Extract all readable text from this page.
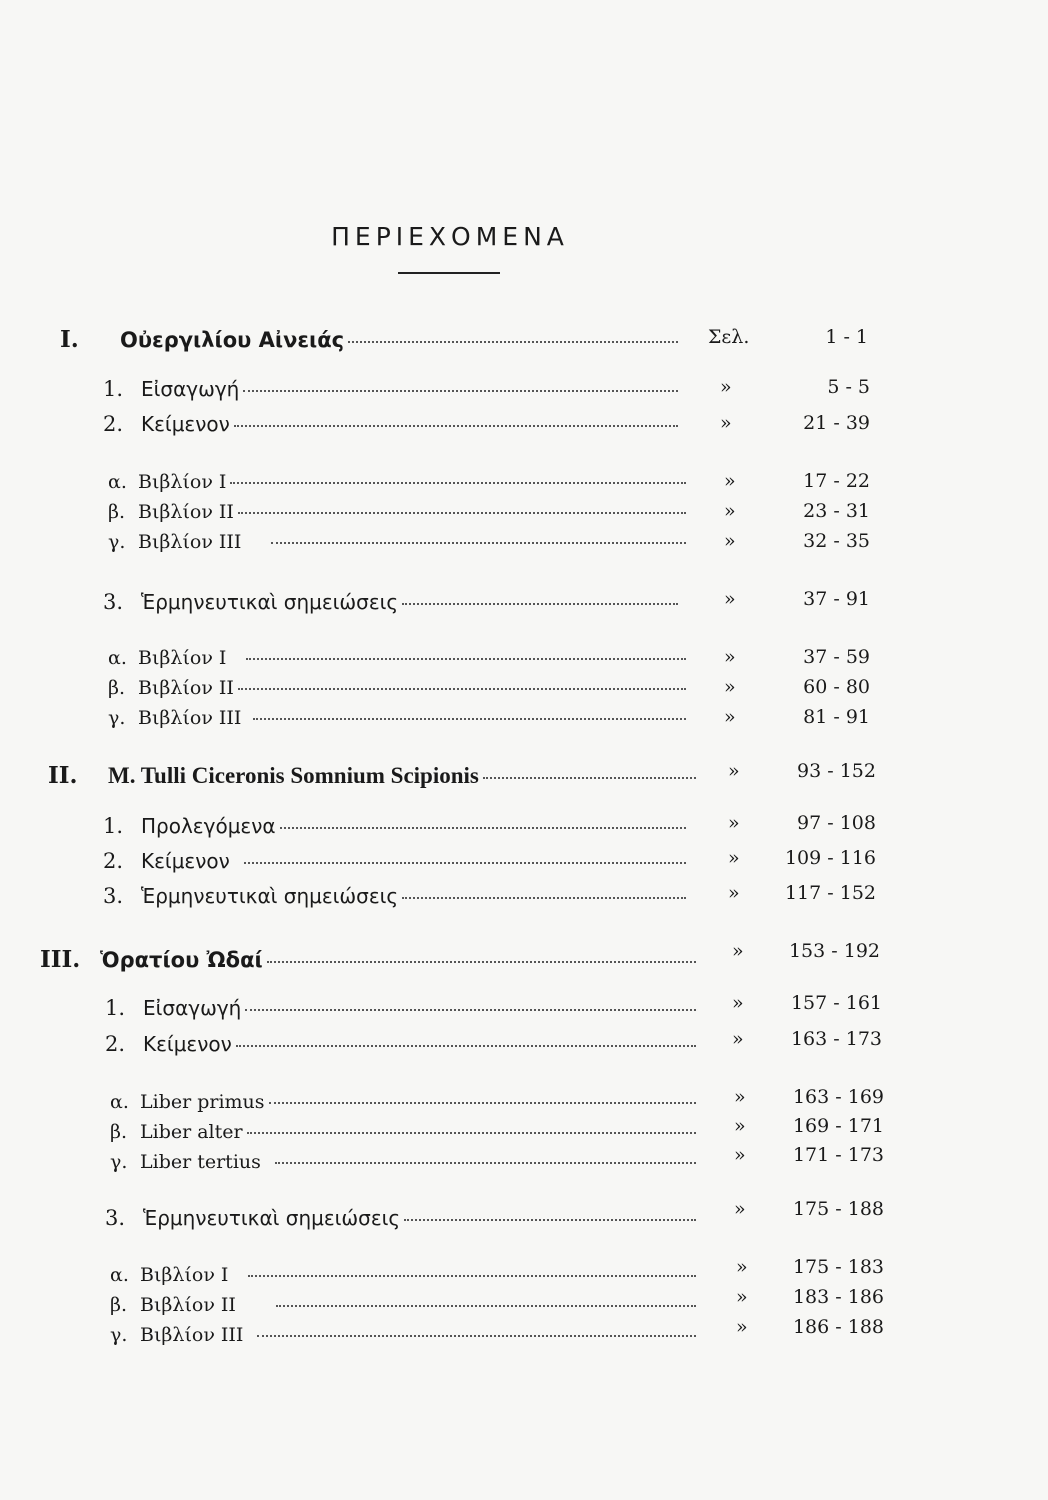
ΠΕΡΙΕΧΟΜΕΝΑ
I.	Οὐεργιλίου Αἰνειάς	Σελ.	1 - 1
1. Εἰσαγωγή	»	5 - 5
2. Κείμενον	»	21 - 39
α. Βιβλίον I	»	17 - 22
β. Βιβλίον II	»	23 - 31
γ. Βιβλίον III	»	32 - 35
3. Ἑρμηνευτικαὶ σημειώσεις	»	37 - 91
α. Βιβλίον I	»	37 - 59
β. Βιβλίον II	»	60 - 80
γ. Βιβλίον III	»	81 - 91
II.	M. Tulli Ciceronis Somnium Scipionis	»	93 - 152
1. Προλεγόμενα	»	97 - 108
2. Κείμενον	»	109 - 116
3. Ἑρμηνευτικαὶ σημειώσεις	»	117 - 152
III. Ὁρατίου Ὠδαί	»	153 - 192
1. Εἰσαγωγή	»	157 - 161
2. Κείμενον	»	163 - 173
α. Liber primus	»	163 - 169
β. Liber alter	»	169 - 171
γ. Liber tertius	»	171 - 173
3. Ἑρμηνευτικαὶ σημειώσεις	»	175 - 188
α. Βιβλίον I	»	175 - 183
β. Βιβλίον II	»	183 - 186
γ. Βιβλίον III	»	186 - 188
